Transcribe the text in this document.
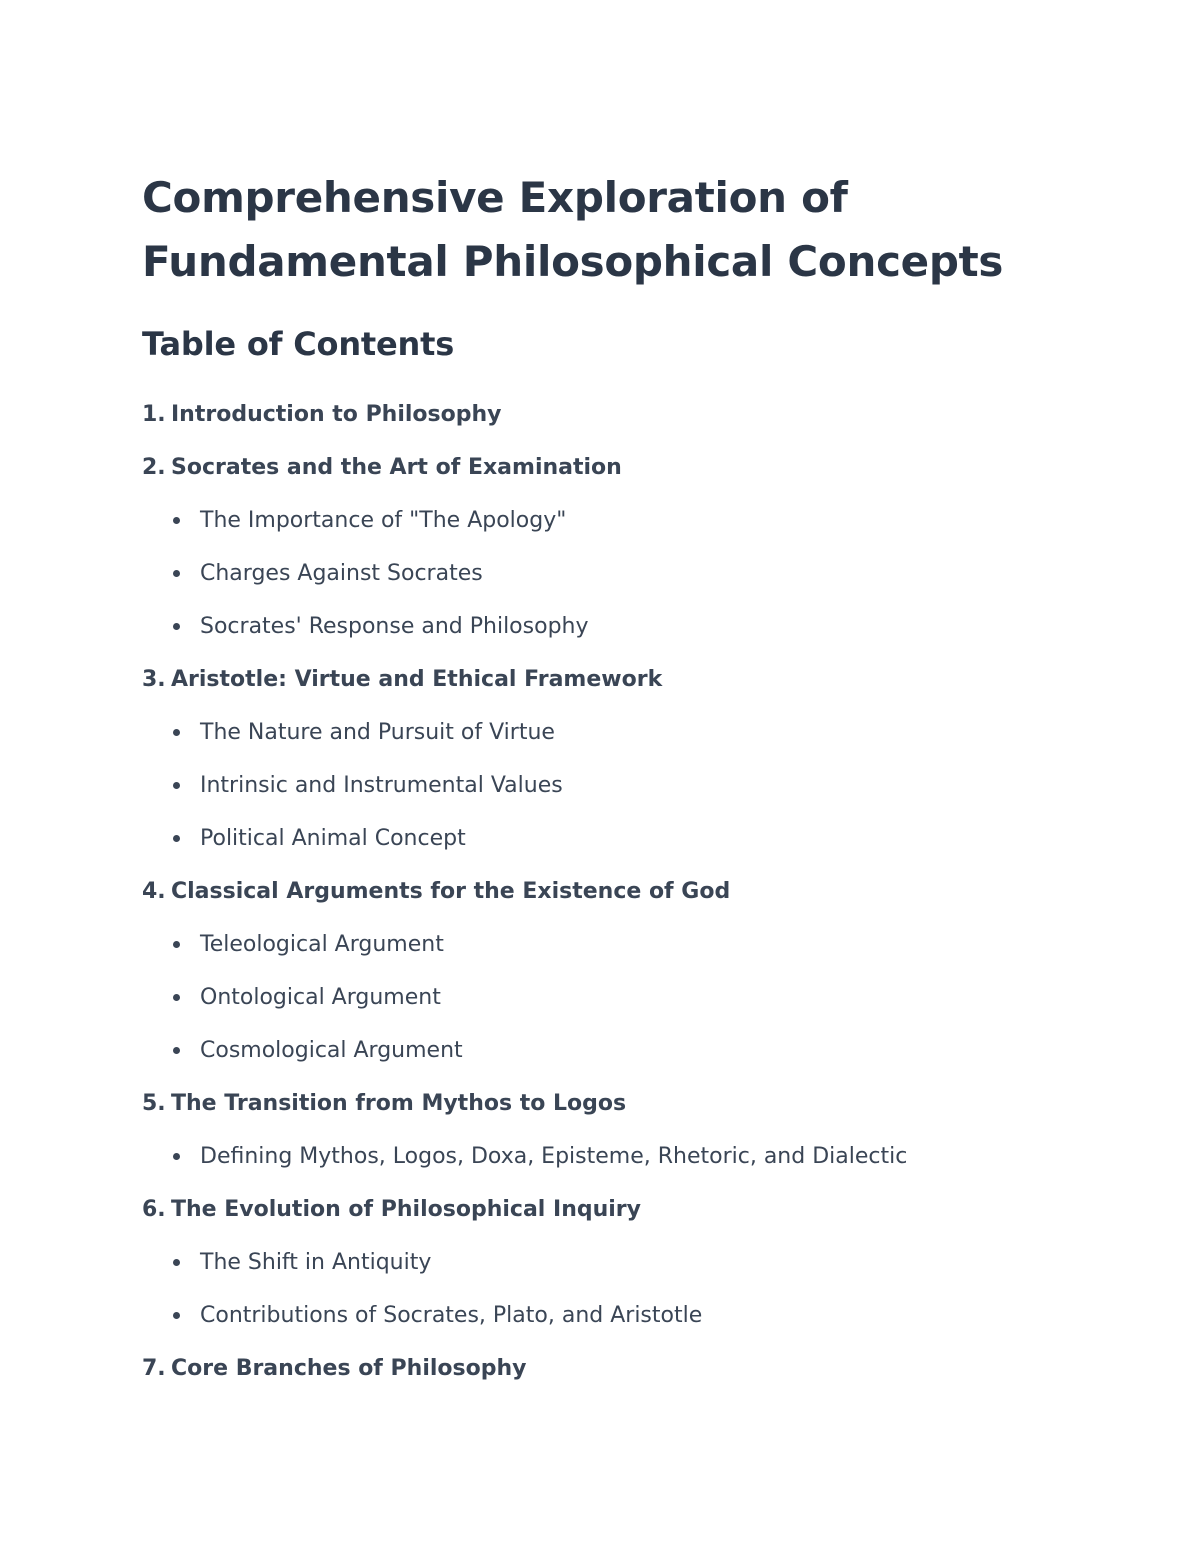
Comprehensive Exploration of
Fundamental Philosophical Concepts
Table of Contents
1. Introduction to Philosophy
2. Socrates and the Art of Examination
The Importance of "The Apology"
Charges Against Socrates
Socrates' Response and Philosophy
3. Aristotle: Virtue and Ethical Framework
The Nature and Pursuit of Virtue
Intrinsic and Instrumental Values
Political Animal Concept
4. Classical Arguments for the Existence of God
Teleological Argument
Ontological Argument
Cosmological Argument
5. The Transition from Mythos to Logos
Defining Mythos, Logos, Doxa, Episteme, Rhetoric, and Dialectic
6. The Evolution of Philosophical Inquiry
The Shift in Antiquity
Contributions of Socrates, Plato, and Aristotle
7. Core Branches of Philosophy
